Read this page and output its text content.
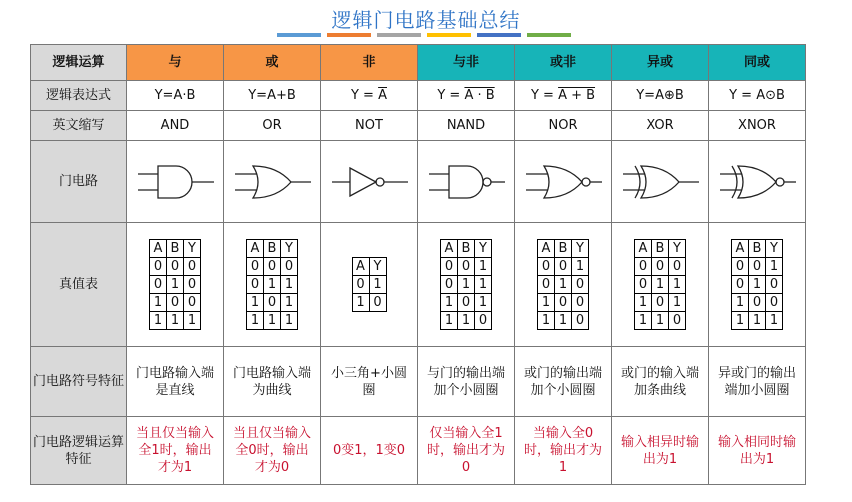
逻辑门电路基础总结
逻辑运算	与	或	非	与非	或非	异或	同或
逻辑表达式	Y=A·B	Y=A+B	$Y = \overline{A}$	Y = A · B	Y = A + B	Y=A⊕B	Y = A⊙B
英文缩写	AND	OR	NOT	NAND	NOR	XOR	XNOR
门电路	

真值表	
A	B	Y
0	0	0
0	1	0
1	0	0
1	1	1

A	B	Y
0	0	0
0	1	1
1	0	1
1	1	1

A	Y
0	1
1	0

A	B	Y
0	0	1
0	1	1
1	0	1
1	1	0

A	B	Y
0	0	1
0	1	0
1	0	0
1	1	0

A	B	Y
0	0	0
0	1	1
1	0	1
1	1	0

A	B	Y
0	0	1
0	1	0
1	0	0
1	1	1

门电路符号特征	门电路输入端是直线	门电路输入端为曲线	小三角+小圆圈	与门的输出端加个小圆圈	或门的输出端加个小圆圈	或门的输入端加条曲线	异或门的输出端加小圆圈
门电路逻辑运算特征	当且仅当输入全1时，输出才为1	当且仅当输入全0时，输出才为0	0变1，1变0	仅当输入全1时，输出才为0	当输入全0时，输出才为1	输入相异时输出为1	输入相同时输出为1
